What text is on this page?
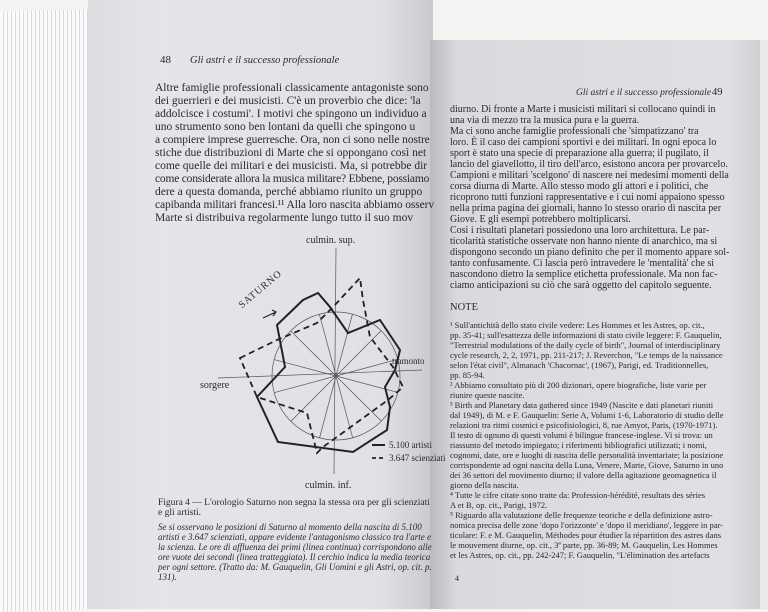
48 Gli astri e il successo professionale
Altre famiglie professionali classicamente antagoniste sono
dei guerrieri e dei musicisti. C'è un proverbio che dice: 'la
addolcisce i costumi'. I motivi che spingono un individuo a
uno strumento sono ben lontani da quelli che spingono u
a compiere imprese guerresche. Ora, non ci sono nelle nostre
stiche due distribuzioni di Marte che si oppongano così net
come quelle dei militari e dei musicisti. Ma, si potrebbe dir
come considerate allora la musica militare? Ebbene, possiamo
dere a questa domanda, perché abbiamo riunito un gruppo
capibanda militari francesi.¹¹ Alla loro nascita abbiamo osserv
Marte si distribuiva regolarmente lungo tutto il suo mov
culmin. sup.
culmin. inf.
sorgere
tramonto
SATURNO
5.100 artisti
3.647 scienziati
Figura 4 — L'orologio Saturno non segna la stessa ora per gli scienziati e gli artisti.
Se si osservano le posizioni di Saturno al momento della nascita di 5.100 artisti e 3.647 scienziati, appare evidente l'antagonismo classico tra l'arte e la scienza. Le ore di affluenza dei primi (linea continua) corrispondono alle ore vuote dei secondi (linea tratteggiata). Il cerchio indica la media teorica per ogni settore. (Tratto da: M. Gauquelin, Gli Uomini e gli Astri, op. cit. p. 131).
Gli astri e il successo professionale 49
diurno. Di fronte a Marte i musicisti militari si collocano quindi in
una via di mezzo tra la musica pura e la guerra.
Ma ci sono anche famiglie professionali che 'simpatizzano' tra
loro. È il caso dei campioni sportivi e dei militari. In ogni epoca lo
sport è stato una specie di preparazione alla guerra; il pugilato, il
lancio del giavellotto, il tiro dell'arco, esistono ancora per provarcelo.
Campioni e militari 'scelgono' di nascere nei medesimi momenti della
corsa diurna di Marte. Allo stesso modo gli attori e i politici, che
ricoprono tutti funzioni rappresentative e i cui nomi appaiono spesso
nella prima pagina dei giornali, hanno lo stesso orario di nascita per
Giove. E gli esempi potrebbero moltiplicarsi.
Così i risultati planetari possiedono una loro architettura. Le par-
ticolarità statistiche osservate non hanno niente di anarchico, ma si
dispongono secondo un piano definito che per il momento appare sol-
tanto confusamente. Ci lascia però intravedere le 'mentalità' che si
nascondono dietro la semplice etichetta professionale. Ma non fac-
ciamo anticipazioni su ciò che sarà oggetto del capitolo seguente.
NOTE
¹ Sull'antichità dello stato civile vedere: Les Hommes et les Astres, op. cit.,
pp. 35-41; sull'esattezza delle informazioni di stato civile leggere: F. Gauquelin,
"Terrestrial modulations of the daily cycle of birth", Journal of interdisciplinary
cycle research, 2, 2, 1971, pp. 211-217; J. Reverchon, "Le temps de la naissance
selon l'état civil", Almanach 'Chacornac', (1967), Parigi, ed. Traditionnelles,
pp. 85-94.
² Abbiamo consultato più di 200 dizionari, opere biografiche, liste varie per
riunire queste nascite.
³ Birth and Planetary data gathered since 1949 (Nascite e dati planetari riuniti
dal 1949), di M. e F. Gauquelin: Serie A, Volumi 1-6, Laboratorio di studio delle
relazioni tra ritmi cosmici e psicofisiologici, 8, rue Amyot, Paris, (1970-1971).
Il testo di ognuno di questi volumi è bilingue francese-inglese. Vi si trova: un
riassunto del metodo impiegato; i riferimenti bibliografici utilizzati; i nomi,
cognomi, date, ore e luoghi di nascita delle personalità inventariate; la posizione
corrispondente ad ogni nascita della Luna, Venere, Marte, Giove, Saturno in uno
dei 36 settori del movimento diurno; il valore della agitazione geomagnetica il
giorno della nascita.
⁴ Tutte le cifre citate sono tratte da: Profession-hérédité, resultats des séries
A et B, op. cit., Parigi, 1972.
⁵ Riguardo alla valutazione delle frequenze teoriche e della definizione astro-
nomica precisa delle zone 'dopo l'orizzonte' e 'dopo il meridiano', leggere in par-
ticolare: F. e M. Gauquelin, Méthodes pour étudier la répartition des astres dans
le mouvement diurne, op. cit., 3ª parte, pp. 36-89; M. Gauquelin, Les Hommes
et les Astres, op. cit., pp. 242-247; F. Gauquelin, "L'élimination des artefacts
4
